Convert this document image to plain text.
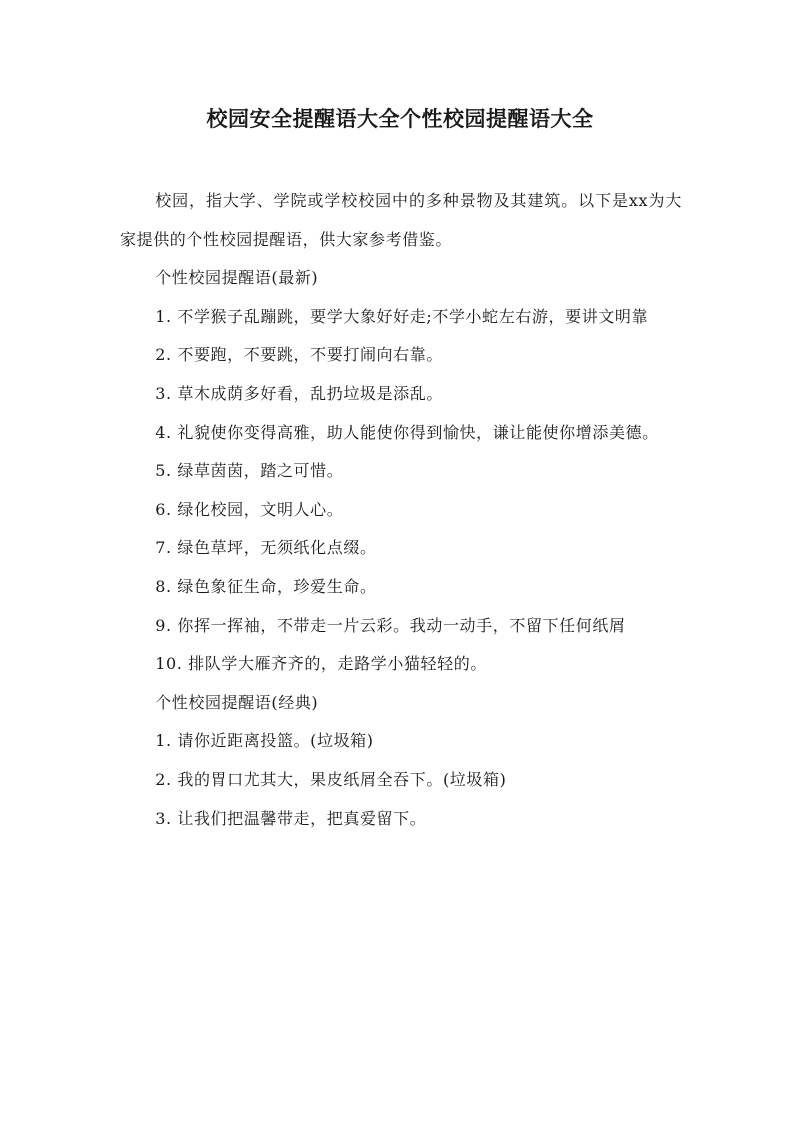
校园安全提醒语大全个性校园提醒语大全

校园，指大学、学院或学校校园中的多种景物及其建筑。以下是xx为大家提供的个性校园提醒语，供大家参考借鉴。

个性校园提醒语(最新)

1. 不学猴子乱蹦跳，要学大象好好走;不学小蛇左右游，要讲文明靠

2. 不要跑，不要跳，不要打闹向右靠。

3. 草木成荫多好看，乱扔垃圾是添乱。

4. 礼貌使你变得高雅，助人能使你得到愉快，谦让能使你增添美德。

5. 绿草茵茵，踏之可惜。

6. 绿化校园，文明人心。

7. 绿色草坪，无须纸化点缀。

8. 绿色象征生命，珍爱生命。

9. 你挥一挥袖，不带走一片云彩。我动一动手，不留下任何纸屑

10. 排队学大雁齐齐的，走路学小猫轻轻的。

个性校园提醒语(经典)

1. 请你近距离投篮。(垃圾箱)

2. 我的胃口尤其大，果皮纸屑全吞下。(垃圾箱)

3. 让我们把温馨带走，把真爱留下。
